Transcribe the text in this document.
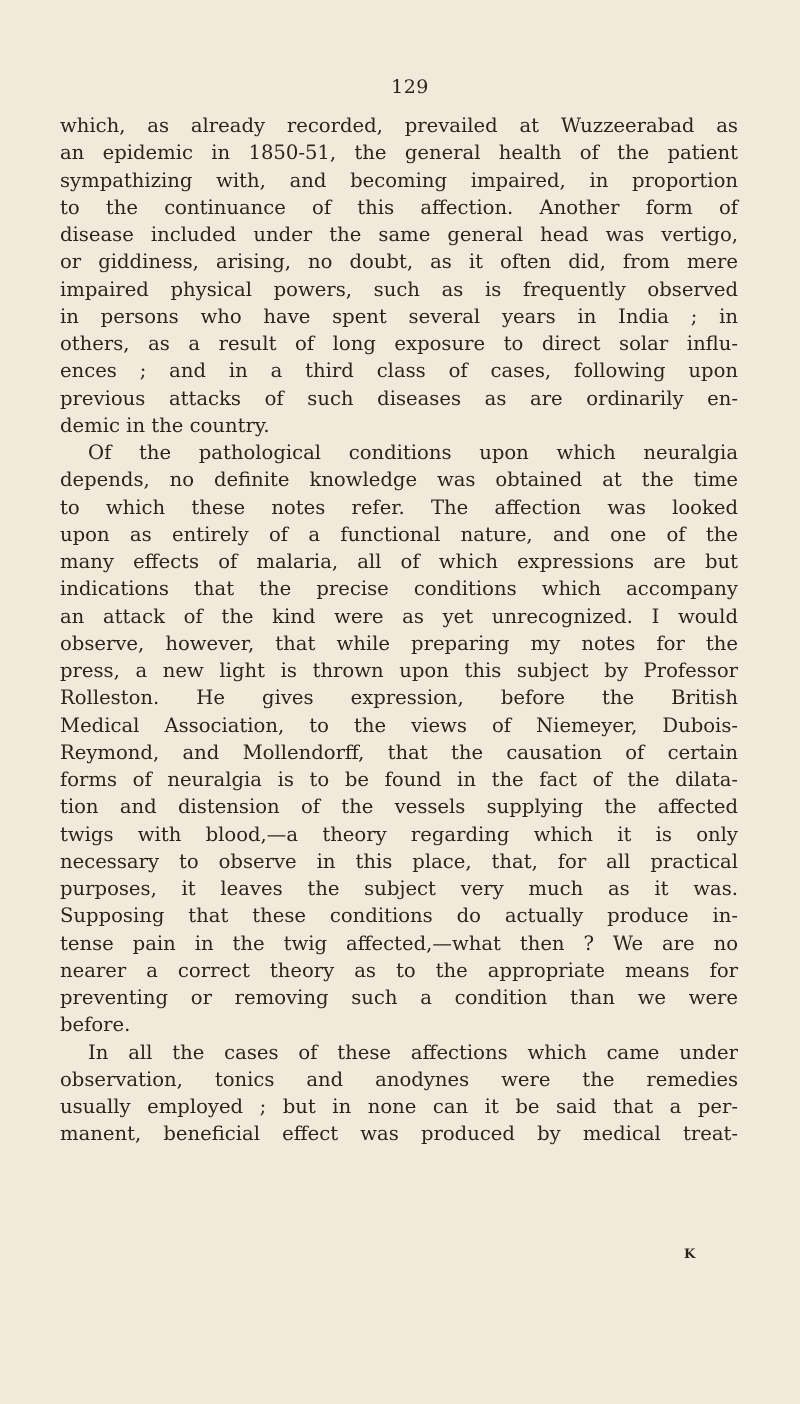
129
which, as already recorded, prevailed at Wuzzeerabad as
an epidemic in 1850-51, the general health of the patient
sympathizing with, and becoming impaired, in proportion
to the continuance of this affection. Another form of
disease included under the same general head was vertigo,
or giddiness, arising, no doubt, as it often did, from mere
impaired physical powers, such as is frequently observed
in persons who have spent several years in India ; in
others, as a result of long exposure to direct solar influ-
ences ; and in a third class of cases, following upon
previous attacks of such diseases as are ordinarily en-
demic in the country.
Of the pathological conditions upon which neuralgia
depends, no definite knowledge was obtained at the time
to which these notes refer. The affection was looked
upon as entirely of a functional nature, and one of the
many effects of malaria, all of which expressions are but
indications that the precise conditions which accompany
an attack of the kind were as yet unrecognized. I would
observe, however, that while preparing my notes for the
press, a new light is thrown upon this subject by Professor
Rolleston. He gives expression, before the British
Medical Association, to the views of Niemeyer, Dubois-
Reymond, and Mollendorff, that the causation of certain
forms of neuralgia is to be found in the fact of the dilata-
tion and distension of the vessels supplying the affected
twigs with blood,—a theory regarding which it is only
necessary to observe in this place, that, for all practical
purposes, it leaves the subject very much as it was.
Supposing that these conditions do actually produce in-
tense pain in the twig affected,—what then ? We are no
nearer a correct theory as to the appropriate means for
preventing or removing such a condition than we were
before.
In all the cases of these affections which came under
observation, tonics and anodynes were the remedies
usually employed ; but in none can it be said that a per-
manent, beneficial effect was produced by medical treat-
K
